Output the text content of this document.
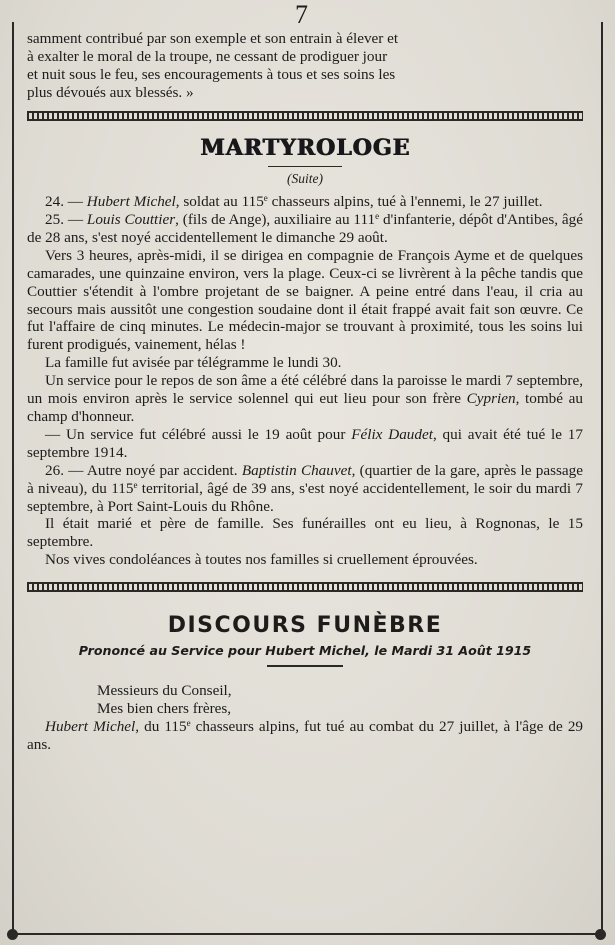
7

samment contribué par son exemple et son entrain à élever et

à exalter le moral de la troupe, ne cessant de prodiguer jour

et nuit sous le feu, ses encouragements à tous et ses soins les

plus dévoués aux blessés. »

MARTYROLOGE
(Suite)

24. — Hubert Michel, soldat au 115e chasseurs alpins, tué à l'ennemi, le 27 juillet.

25. — Louis Couttier, (fils de Ange), auxiliaire au 111e d'infanterie, dépôt d'Antibes, âgé de 28 ans, s'est noyé accidentellement le dimanche 29 août.

Vers 3 heures, après-midi, il se dirigea en compagnie de François Ayme et de quelques camarades, une quinzaine environ, vers la plage. Ceux-ci se livrèrent à la pêche tandis que Couttier s'étendit à l'ombre projetant de se baigner. A peine entré dans l'eau, il cria au secours mais aussitôt une congestion soudaine dont il était frappé avait fait son œuvre. Ce fut l'affaire de cinq minutes. Le médecin-major se trouvant à proximité, tous les soins lui furent prodigués, vainement, hélas !

La famille fut avisée par télégramme le lundi 30.

Un service pour le repos de son âme a été célébré dans la paroisse le mardi 7 septembre, un mois environ après le service solennel qui eut lieu pour son frère Cyprien, tombé au champ d'honneur.

— Un service fut célébré aussi le 19 août pour Félix Daudet, qui avait été tué le 17 septembre 1914.

26. — Autre noyé par accident. Baptistin Chauvet, (quartier de la gare, après le passage à niveau), du 115e territorial, âgé de 39 ans, s'est noyé accidentellement, le soir du mardi 7 septembre, à Port Saint-Louis du Rhône.

Il était marié et père de famille. Ses funérailles ont eu lieu, à Rognonas, le 15 septembre.

Nos vives condoléances à toutes nos familles si cruellement éprouvées.

DISCOURS FUNÈBRE
Prononcé au Service pour Hubert Michel, le Mardi 31 Août 1915
Messieurs du Conseil,
Mes bien chers frères,

Hubert Michel, du 115e chasseurs alpins, fut tué au combat du 27 juillet, à l'âge de 29 ans.
